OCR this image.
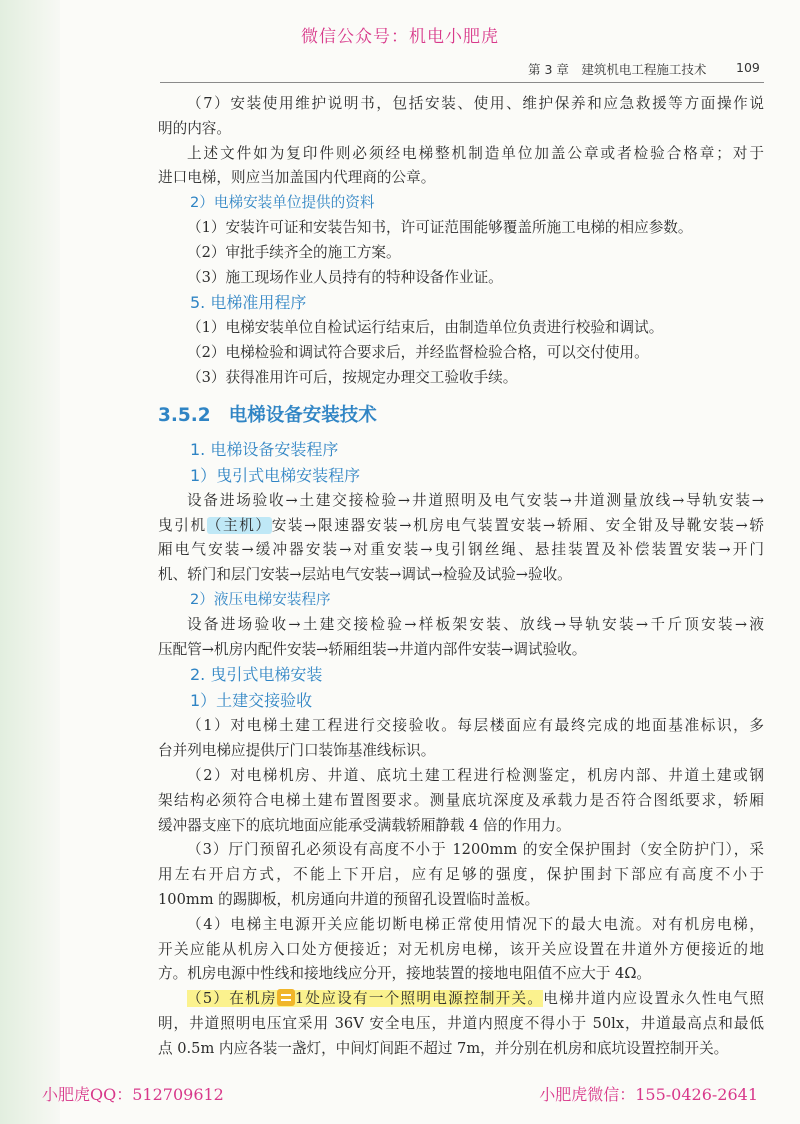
微信公众号：机电小肥虎
第 3 章　建筑机电工程施工技术 109
（7）安装使用维护说明书，包括安装、使用、维护保养和应急救援等方面操作说
明的内容。
上述文件如为复印件则必须经电梯整机制造单位加盖公章或者检验合格章；对于
进口电梯，则应当加盖国内代理商的公章。
2）电梯安装单位提供的资料
（1）安装许可证和安装告知书，许可证范围能够覆盖所施工电梯的相应参数。
（2）审批手续齐全的施工方案。
（3）施工现场作业人员持有的特种设备作业证。
5. 电梯准用程序
（1）电梯安装单位自检试运行结束后，由制造单位负责进行校验和调试。
（2）电梯检验和调试符合要求后，并经监督检验合格，可以交付使用。
（3）获得准用许可后，按规定办理交工验收手续。
3.5.2 电梯设备安装技术
1. 电梯设备安装程序
1）曳引式电梯安装程序
设备进场验收→土建交接检验→井道照明及电气安装→井道测量放线→导轨安装→
曳引机（主机）安装→限速器安装→机房电气装置安装→轿厢、安全钳及导靴安装→轿
厢电气安装→缓冲器安装→对重安装→曳引钢丝绳、悬挂装置及补偿装置安装→开门
机、轿门和层门安装→层站电气安装→调试→检验及试验→验收。
2）液压电梯安装程序
设备进场验收→土建交接检验→样板架安装、放线→导轨安装→千斤顶安装→液
压配管→机房内配件安装→轿厢组装→井道内部件安装→调试验收。
2. 曳引式电梯安装
1）土建交接验收
（1）对电梯土建工程进行交接验收。每层楼面应有最终完成的地面基准标识，多
台并列电梯应提供厅门口装饰基准线标识。
（2）对电梯机房、井道、底坑土建工程进行检测鉴定，机房内部、井道土建或钢
架结构必须符合电梯土建布置图要求。测量底坑深度及承载力是否符合图纸要求，轿厢
缓冲器支座下的底坑地面应能承受满载轿厢静载 4 倍的作用力。
（3）厅门预留孔必须设有高度不小于 1200mm 的安全保护围封（安全防护门），采
用左右开启方式，不能上下开启，应有足够的强度，保护围封下部应有高度不小于
100mm 的踢脚板，机房通向井道的预留孔设置临时盖板。
（4）电梯主电源开关应能切断电梯正常使用情况下的最大电流。对有机房电梯，
开关应能从机房入口处方便接近；对无机房电梯，该开关应设置在井道外方便接近的地
方。机房电源中性线和接地线应分开，接地装置的接地电阻值不应大于 4Ω。
（5）在机房 1处应设有一个照明电源控制开关。电梯井道内应设置永久性电气照
明，井道照明电压宜采用 36V 安全电压，井道内照度不得小于 50lx，井道最高点和最低
点 0.5m 内应各装一盏灯，中间灯间距不超过 7m，并分别在机房和底坑设置控制开关。
小肥虎QQ：512709612	小肥虎微信：155-0426-2641
